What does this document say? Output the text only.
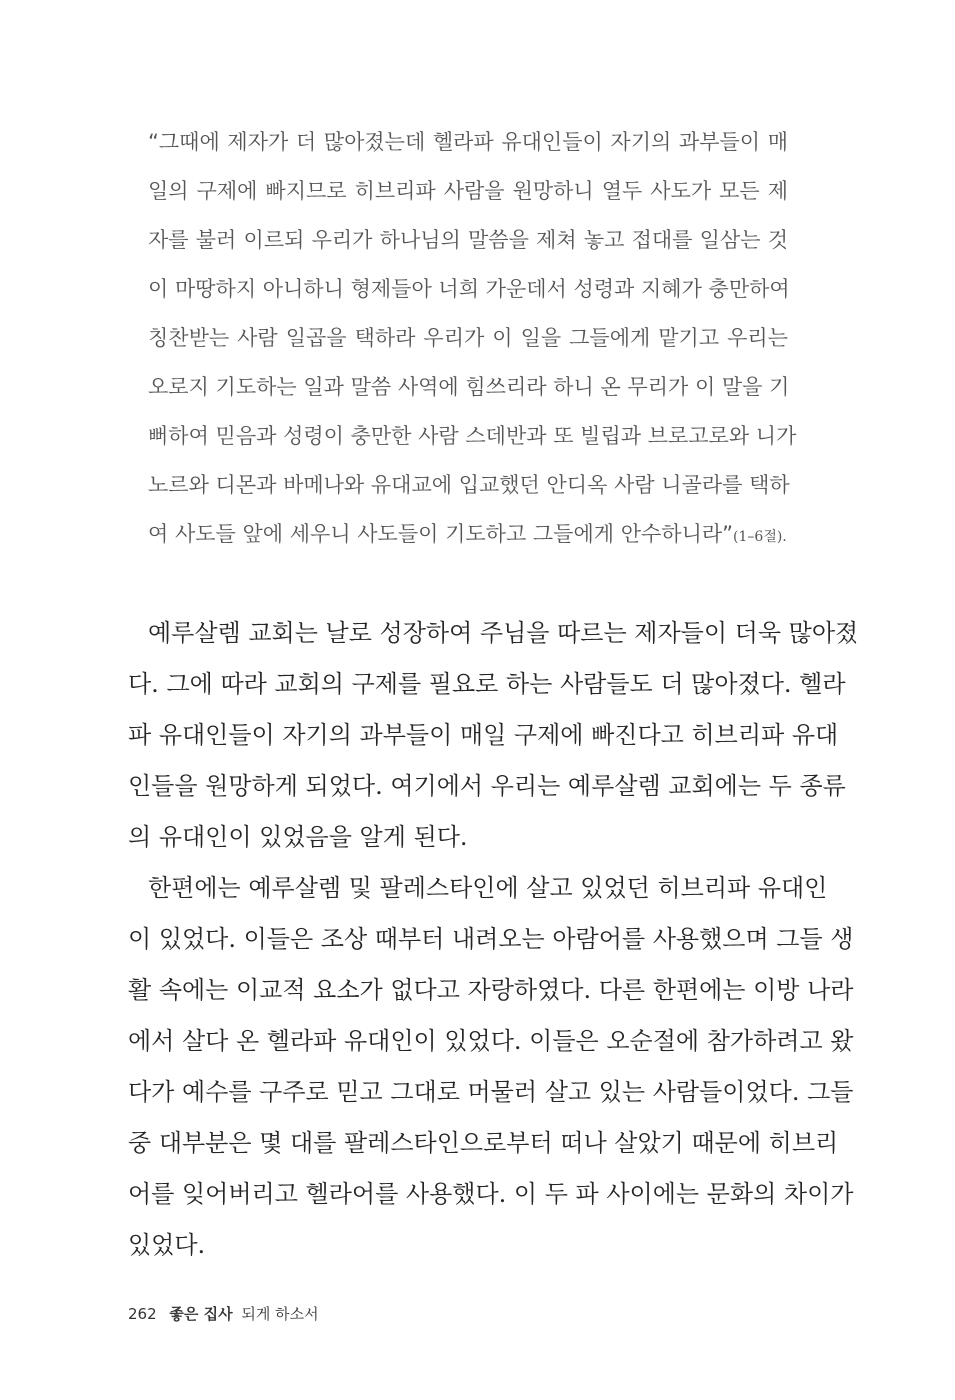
“그때에 제자가 더 많아졌는데 헬라파 유대인들이 자기의 과부들이 매
일의 구제에 빠지므로 히브리파 사람을 원망하니 열두 사도가 모든 제
자를 불러 이르되 우리가 하나님의 말씀을 제쳐 놓고 접대를 일삼는 것
이 마땅하지 아니하니 형제들아 너희 가운데서 성령과 지혜가 충만하여
칭찬받는 사람 일곱을 택하라 우리가 이 일을 그들에게 맡기고 우리는
오로지 기도하는 일과 말씀 사역에 힘쓰리라 하니 온 무리가 이 말을 기
뻐하여 믿음과 성령이 충만한 사람 스데반과 또 빌립과 브로고로와 니가
노르와 디몬과 바메나와 유대교에 입교했던 안디옥 사람 니골라를 택하
여 사도들 앞에 세우니 사도들이 기도하고 그들에게 안수하니라”(1–6절).
예루살렘 교회는 날로 성장하여 주님을 따르는 제자들이 더욱 많아졌
다. 그에 따라 교회의 구제를 필요로 하는 사람들도 더 많아졌다. 헬라
파 유대인들이 자기의 과부들이 매일 구제에 빠진다고 히브리파 유대
인들을 원망하게 되었다. 여기에서 우리는 예루살렘 교회에는 두 종류
의 유대인이 있었음을 알게 된다.
한편에는 예루살렘 및 팔레스타인에 살고 있었던 히브리파 유대인
이 있었다. 이들은 조상 때부터 내려오는 아람어를 사용했으며 그들 생
활 속에는 이교적 요소가 없다고 자랑하였다. 다른 한편에는 이방 나라
에서 살다 온 헬라파 유대인이 있었다. 이들은 오순절에 참가하려고 왔
다가 예수를 구주로 믿고 그대로 머물러 살고 있는 사람들이었다. 그들
중 대부분은 몇 대를 팔레스타인으로부터 떠나 살았기 때문에 히브리
어를 잊어버리고 헬라어를 사용했다. 이 두 파 사이에는 문화의 차이가
있었다.
262 좋은 집사 되게 하소서
